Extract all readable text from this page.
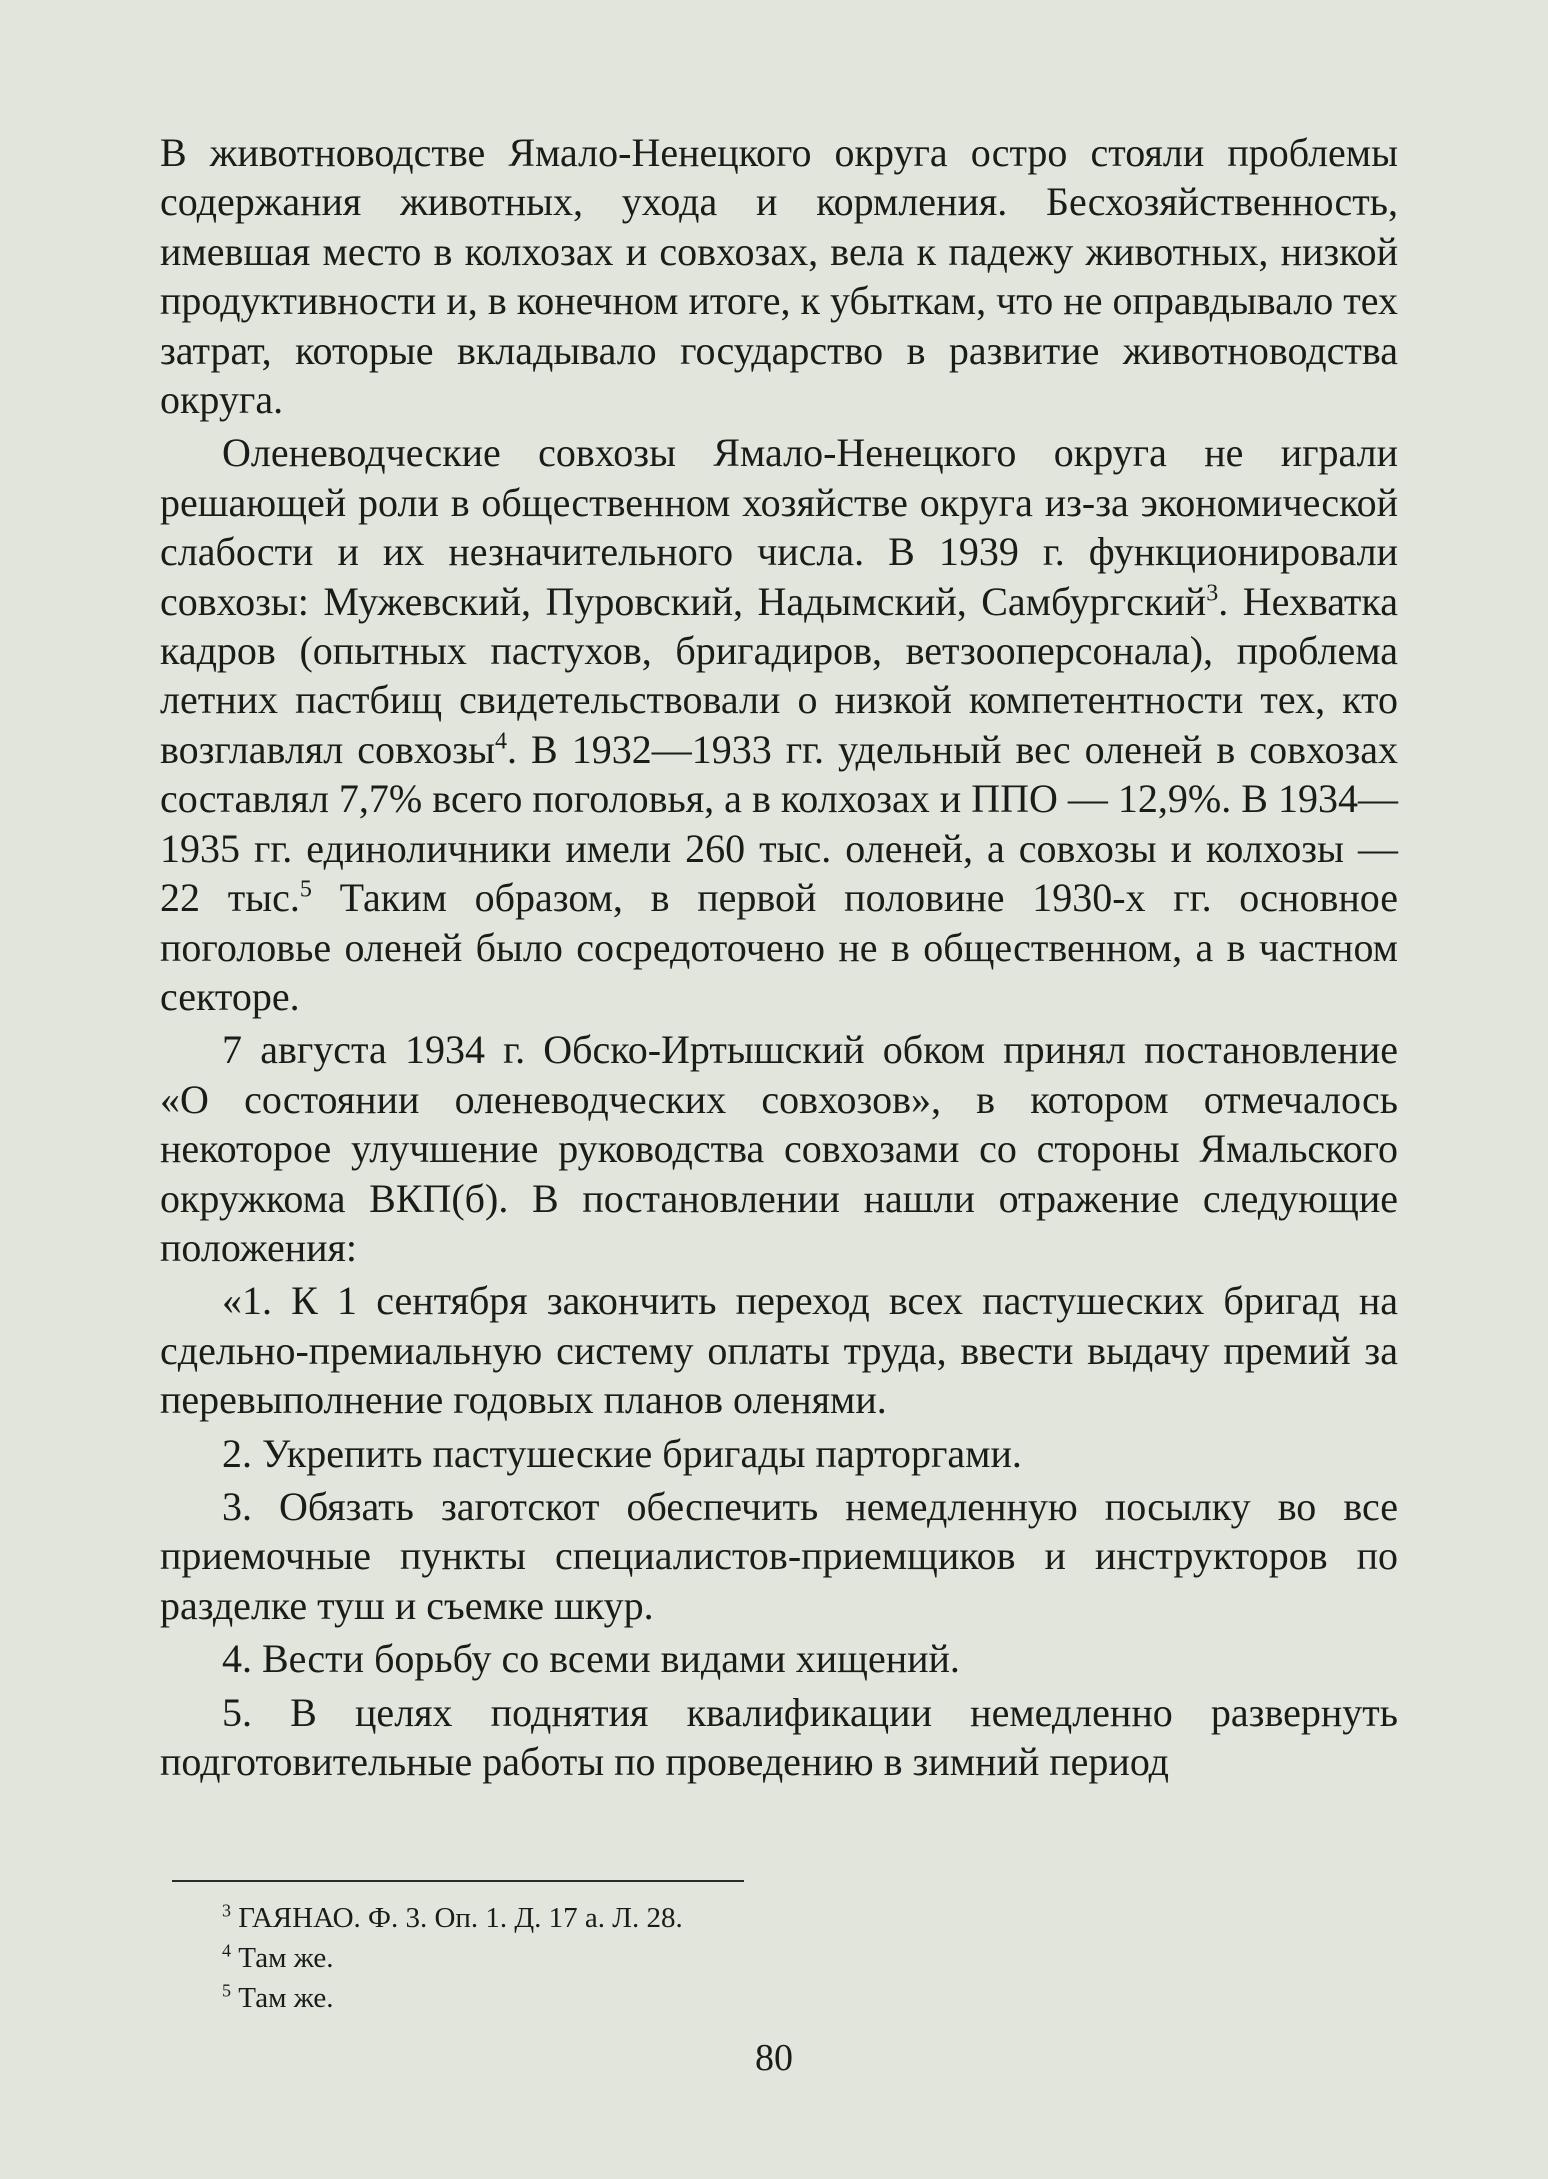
В животноводстве Ямало-Ненецкого округа остро стояли проблемы содержания животных, ухода и кормления. Бесхозяйственность, имевшая место в колхозах и совхозах, вела к падежу животных, низкой продуктивности и, в конечном итоге, к убыткам, что не оправдывало тех затрат, которые вкладывало государство в развитие животноводства округа.

Оленеводческие совхозы Ямало-Ненецкого округа не играли решающей роли в общественном хозяйстве округа из-за экономической слабости и их незначительного числа. В 1939 г. функционировали совхозы: Мужевский, Пуровский, Надымский, Самбургский$^3$. Нехватка кадров (опытных пастухов, бригадиров, ветзооперсонала), проблема летних пастбищ свидетельствовали о низкой компетентности тех, кто возглавлял совхозы$^4$. В 1932—1933 гг. удельный вес оленей в совхозах составлял 7,7% всего поголовья, а в колхозах и ППО — 12,9%. В 1934—1935 гг. единоличники имели 260 тыс. оленей, а совхозы и колхозы — 22 тыс.$^5$ Таким образом, в первой половине 1930-х гг. основное поголовье оленей было сосредоточено не в общественном, а в частном секторе.

7 августа 1934 г. Обско-Иртышский обком принял постановление «О состоянии оленеводческих совхозов», в котором отмечалось некоторое улучшение руководства совхозами со стороны Ямальского окружкома ВКП(б). В постановлении нашли отражение следующие положения:

«1. К 1 сентября закончить переход всех пастушеских бригад на сдельно-премиальную систему оплаты труда, ввести выдачу премий за перевыполнение годовых планов оленями.

2. Укрепить пастушеские бригады парторгами.

3. Обязать заготскот обеспечить немедленную посылку во все приемочные пункты специалистов-приемщиков и инструкторов по разделке туш и съемке шкур.

4. Вести борьбу со всеми видами хищений.

5. В целях поднятия квалификации немедленно развернуть подготовительные работы по проведению в зимний период

$^3$ ГАЯНАО. Ф. 3. Оп. 1. Д. 17 а. Л. 28.

$^4$ Там же.

$^5$ Там же.

80
